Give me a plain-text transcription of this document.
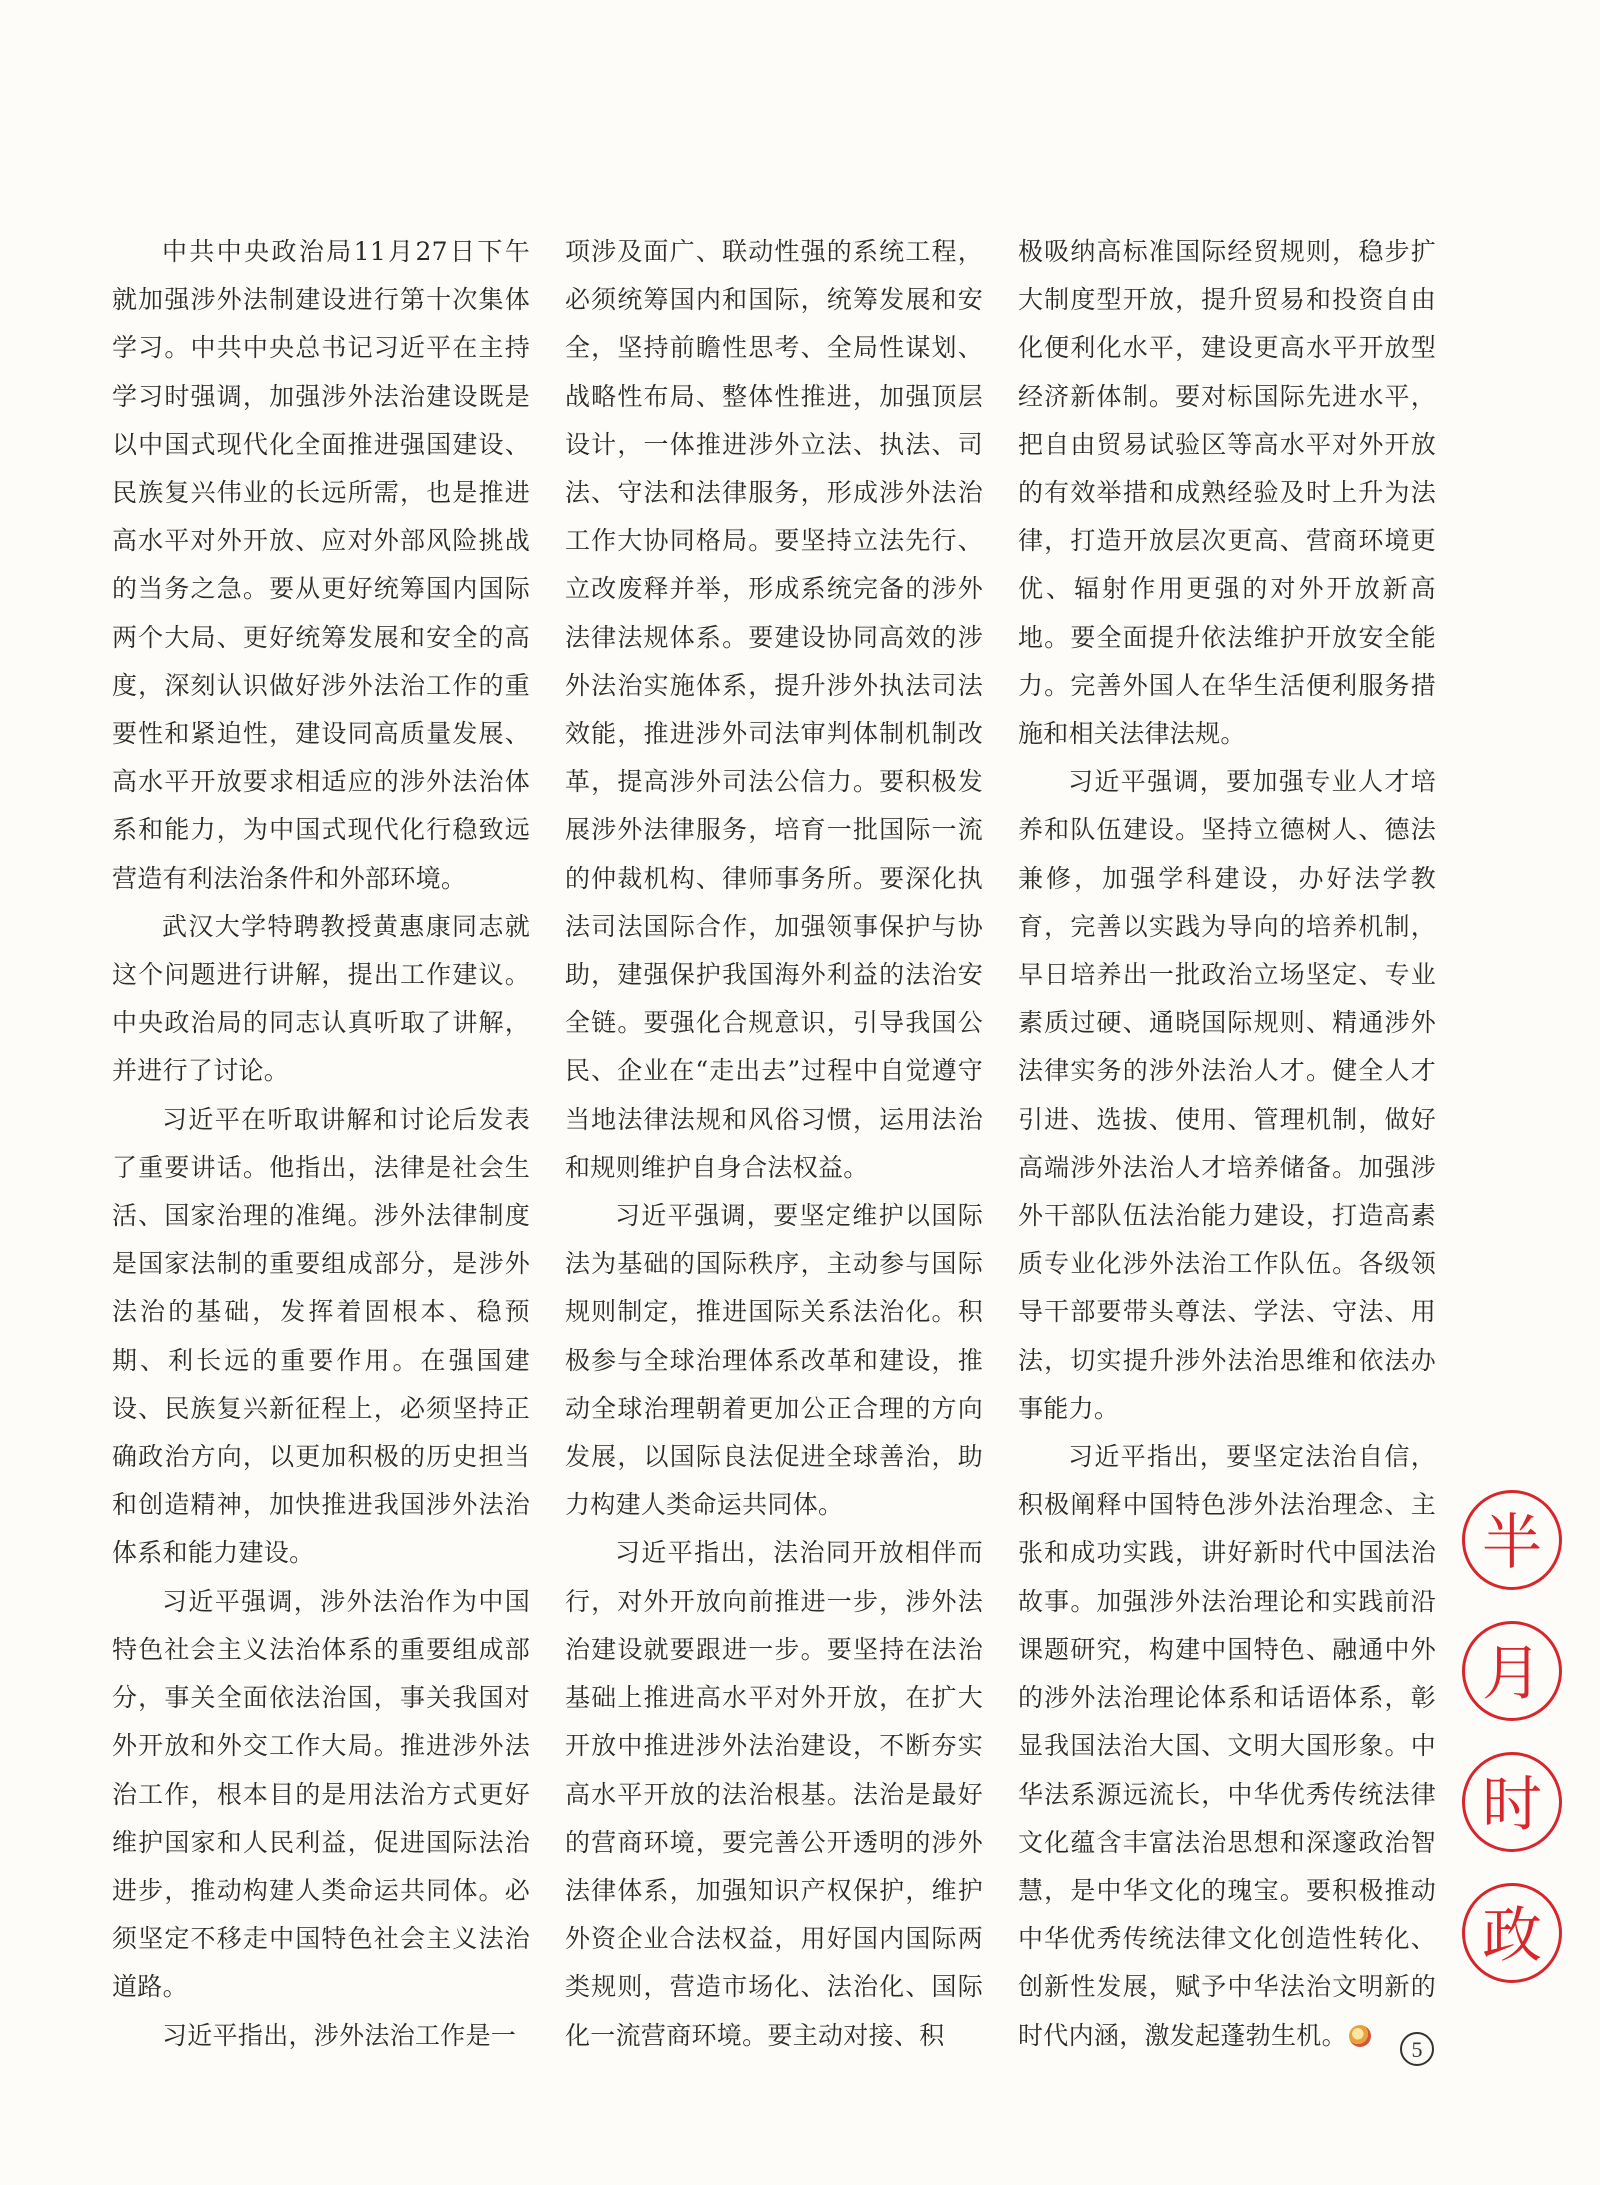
中共中央政治局11月27日下午就加强涉外法制建设进行第十次集体学习。中共中央总书记习近平在主持学习时强调，加强涉外法治建设既是以中国式现代化全面推进强国建设、民族复兴伟业的长远所需，也是推进高水平对外开放、应对外部风险挑战的当务之急。要从更好统筹国内国际两个大局、更好统筹发展和安全的高度，深刻认识做好涉外法治工作的重要性和紧迫性，建设同高质量发展、高水平开放要求相适应的涉外法治体系和能力，为中国式现代化行稳致远营造有利法治条件和外部环境。

武汉大学特聘教授黄惠康同志就这个问题进行讲解，提出工作建议。中央政治局的同志认真听取了讲解，并进行了讨论。

习近平在听取讲解和讨论后发表了重要讲话。他指出，法律是社会生活、国家治理的准绳。涉外法律制度是国家法制的重要组成部分，是涉外法治的基础，发挥着固根本、稳预期、利长远的重要作用。在强国建设、民族复兴新征程上，必须坚持正确政治方向，以更加积极的历史担当和创造精神，加快推进我国涉外法治体系和能力建设。

习近平强调，涉外法治作为中国特色社会主义法治体系的重要组成部分，事关全面依法治国，事关我国对外开放和外交工作大局。推进涉外法治工作，根本目的是用法治方式更好维护国家和人民利益，促进国际法治进步，推动构建人类命运共同体。必须坚定不移走中国特色社会主义法治道路。

习近平指出，涉外法治工作是一

项涉及面广、联动性强的系统工程，必须统筹国内和国际，统筹发展和安全，坚持前瞻性思考、全局性谋划、战略性布局、整体性推进，加强顶层设计，一体推进涉外立法、执法、司法、守法和法律服务，形成涉外法治工作大协同格局。要坚持立法先行、立改废释并举，形成系统完备的涉外法律法规体系。要建设协同高效的涉外法治实施体系，提升涉外执法司法效能，推进涉外司法审判体制机制改革，提高涉外司法公信力。要积极发展涉外法律服务，培育一批国际一流的仲裁机构、律师事务所。要深化执法司法国际合作，加强领事保护与协助，建强保护我国海外利益的法治安全链。要强化合规意识，引导我国公民、企业在“走出去”过程中自觉遵守当地法律法规和风俗习惯，运用法治和规则维护自身合法权益。

习近平强调，要坚定维护以国际法为基础的国际秩序，主动参与国际规则制定，推进国际关系法治化。积极参与全球治理体系改革和建设，推动全球治理朝着更加公正合理的方向发展，以国际良法促进全球善治，助力构建人类命运共同体。

习近平指出，法治同开放相伴而行，对外开放向前推进一步，涉外法治建设就要跟进一步。要坚持在法治基础上推进高水平对外开放，在扩大开放中推进涉外法治建设，不断夯实高水平开放的法治根基。法治是最好的营商环境，要完善公开透明的涉外法律体系，加强知识产权保护，维护外资企业合法权益，用好国内国际两类规则，营造市场化、法治化、国际化一流营商环境。要主动对接、积

极吸纳高标准国际经贸规则，稳步扩大制度型开放，提升贸易和投资自由化便利化水平，建设更高水平开放型经济新体制。要对标国际先进水平，把自由贸易试验区等高水平对外开放的有效举措和成熟经验及时上升为法律，打造开放层次更高、营商环境更优、辐射作用更强的对外开放新高地。要全面提升依法维护开放安全能力。完善外国人在华生活便利服务措施和相关法律法规。

习近平强调，要加强专业人才培养和队伍建设。坚持立德树人、德法兼修，加强学科建设，办好法学教育，完善以实践为导向的培养机制，早日培养出一批政治立场坚定、专业素质过硬、通晓国际规则、精通涉外法律实务的涉外法治人才。健全人才引进、选拔、使用、管理机制，做好高端涉外法治人才培养储备。加强涉外干部队伍法治能力建设，打造高素质专业化涉外法治工作队伍。各级领导干部要带头尊法、学法、守法、用法，切实提升涉外法治思维和依法办事能力。

习近平指出，要坚定法治自信，积极阐释中国特色涉外法治理念、主张和成功实践，讲好新时代中国法治故事。加强涉外法治理论和实践前沿课题研究，构建中国特色、融通中外的涉外法治理论体系和话语体系，彰显我国法治大国、文明大国形象。中华法系源远流长，中华优秀传统法律文化蕴含丰富法治思想和深邃政治智慧，是中华文化的瑰宝。要积极推动中华优秀传统法律文化创造性转化、创新性发展，赋予中华法治文明新的时代内涵，激发起蓬勃生机。

半
月
时
政
5
